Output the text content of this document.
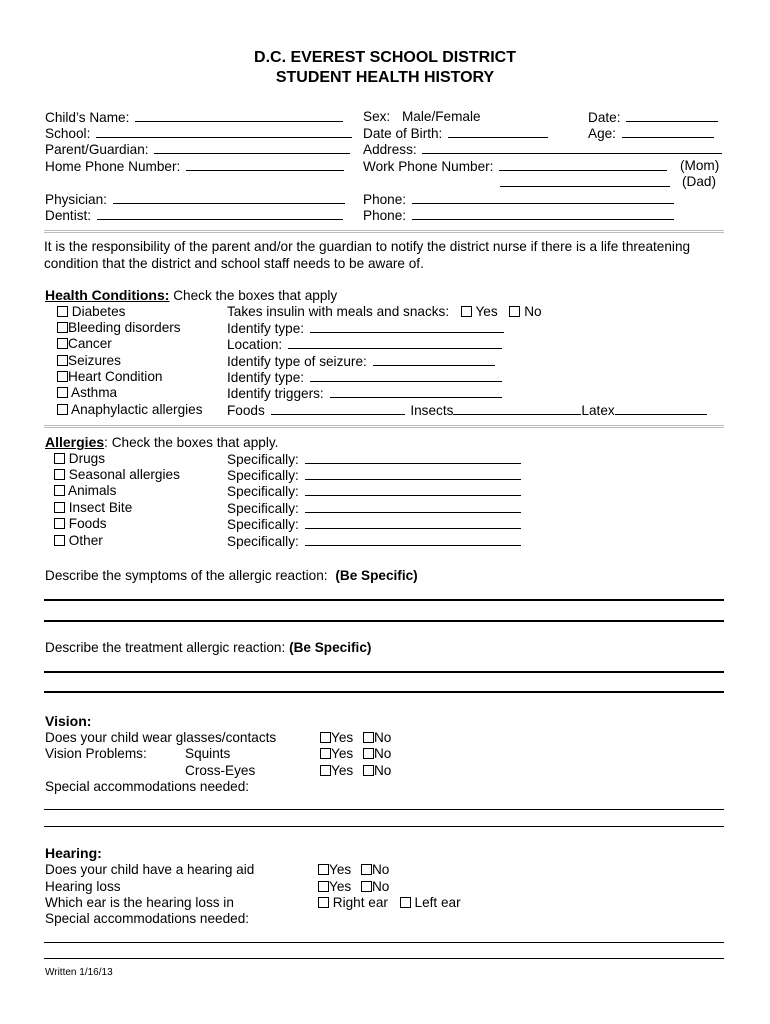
D.C. EVEREST SCHOOL DISTRICT
STUDENT HEALTH HISTORY
Child’s Name:	Sex: Male/Female	Date:
School:	Date of Birth:	Age:
Parent/Guardian:	Address:
Home Phone Number:	Work Phone Number:	(Mom)
(Dad)
Physician:	Phone:
Dentist:	Phone:
It is the responsibility of the parent and/or the guardian to notify the district nurse if there is a life threatening condition that the district and school staff needs to be aware of.
Health Conditions: Check the boxes that apply
Diabetes	Takes insulin with meals and snacks: Yes No
Bleeding disorders	Identify type:
Cancer	Location:
Seizures	Identify type of seizure:
Heart Condition	Identify type:
Asthma	Identify triggers:
Anaphylactic allergies Foods	Insects	Latex
Allergies: Check the boxes that apply.
Drugs	Specifically:
Seasonal allergies	Specifically:
Animals	Specifically:
Insect Bite	Specifically:
Foods	Specifically:
Other	Specifically:
Describe the symptoms of the allergic reaction: (Be Specific)
Describe the treatment allergic reaction: (Be Specific)
Vision:
Does your child wear glasses/contacts	Yes No
Vision Problems:	Squints	Yes No
Cross-Eyes	Yes No
Special accommodations needed:
Hearing:
Does your child have a hearing aid	Yes No
Hearing loss	Yes No
Which ear is the hearing loss in	Right ear Left ear
Special accommodations needed:
Written 1/16/13
